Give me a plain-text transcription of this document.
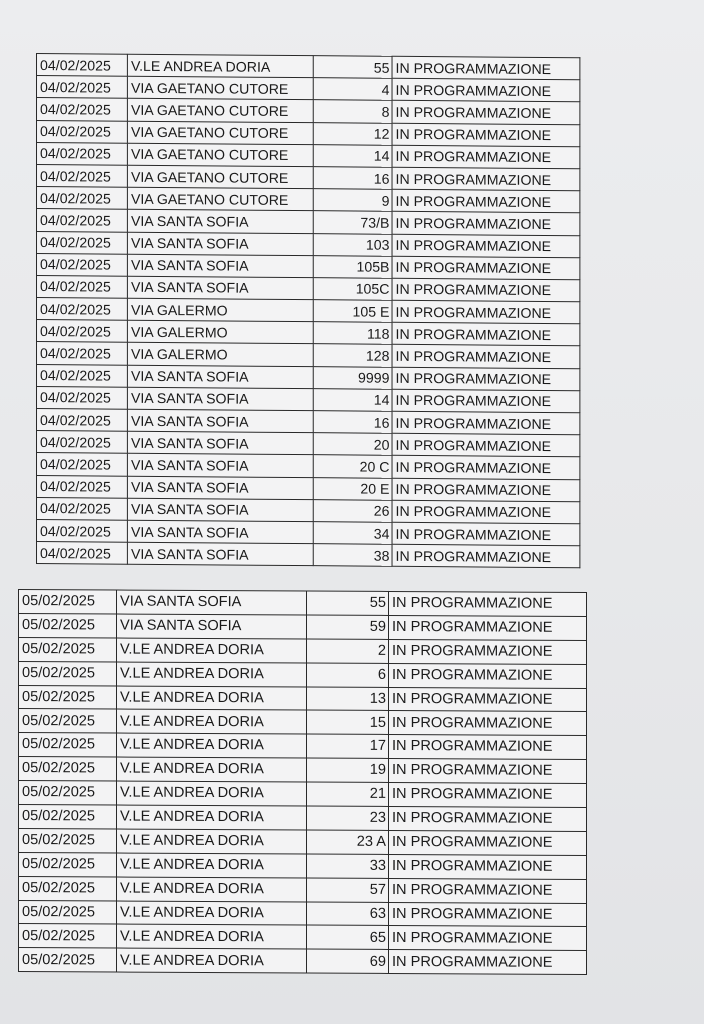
04/02/2025	V.LE ANDREA DORIA	55	IN PROGRAMMAZIONE
04/02/2025	VIA GAETANO CUTORE	4	IN PROGRAMMAZIONE
04/02/2025	VIA GAETANO CUTORE	8	IN PROGRAMMAZIONE
04/02/2025	VIA GAETANO CUTORE	12	IN PROGRAMMAZIONE
04/02/2025	VIA GAETANO CUTORE	14	IN PROGRAMMAZIONE
04/02/2025	VIA GAETANO CUTORE	16	IN PROGRAMMAZIONE
04/02/2025	VIA GAETANO CUTORE	9	IN PROGRAMMAZIONE
04/02/2025	VIA SANTA SOFIA	73/B	IN PROGRAMMAZIONE
04/02/2025	VIA SANTA SOFIA	103	IN PROGRAMMAZIONE
04/02/2025	VIA SANTA SOFIA	105B	IN PROGRAMMAZIONE
04/02/2025	VIA SANTA SOFIA	105C	IN PROGRAMMAZIONE
04/02/2025	VIA GALERMO	105 E	IN PROGRAMMAZIONE
04/02/2025	VIA GALERMO	118	IN PROGRAMMAZIONE
04/02/2025	VIA GALERMO	128	IN PROGRAMMAZIONE
04/02/2025	VIA SANTA SOFIA	9999	IN PROGRAMMAZIONE
04/02/2025	VIA SANTA SOFIA	14	IN PROGRAMMAZIONE
04/02/2025	VIA SANTA SOFIA	16	IN PROGRAMMAZIONE
04/02/2025	VIA SANTA SOFIA	20	IN PROGRAMMAZIONE
04/02/2025	VIA SANTA SOFIA	20 C	IN PROGRAMMAZIONE
04/02/2025	VIA SANTA SOFIA	20 E	IN PROGRAMMAZIONE
04/02/2025	VIA SANTA SOFIA	26	IN PROGRAMMAZIONE
04/02/2025	VIA SANTA SOFIA	34	IN PROGRAMMAZIONE
04/02/2025	VIA SANTA SOFIA	38	IN PROGRAMMAZIONE
05/02/2025	VIA SANTA SOFIA	55	IN PROGRAMMAZIONE
05/02/2025	VIA SANTA SOFIA	59	IN PROGRAMMAZIONE
05/02/2025	V.LE ANDREA DORIA	2	IN PROGRAMMAZIONE
05/02/2025	V.LE ANDREA DORIA	6	IN PROGRAMMAZIONE
05/02/2025	V.LE ANDREA DORIA	13	IN PROGRAMMAZIONE
05/02/2025	V.LE ANDREA DORIA	15	IN PROGRAMMAZIONE
05/02/2025	V.LE ANDREA DORIA	17	IN PROGRAMMAZIONE
05/02/2025	V.LE ANDREA DORIA	19	IN PROGRAMMAZIONE
05/02/2025	V.LE ANDREA DORIA	21	IN PROGRAMMAZIONE
05/02/2025	V.LE ANDREA DORIA	23	IN PROGRAMMAZIONE
05/02/2025	V.LE ANDREA DORIA	23 A	IN PROGRAMMAZIONE
05/02/2025	V.LE ANDREA DORIA	33	IN PROGRAMMAZIONE
05/02/2025	V.LE ANDREA DORIA	57	IN PROGRAMMAZIONE
05/02/2025	V.LE ANDREA DORIA	63	IN PROGRAMMAZIONE
05/02/2025	V.LE ANDREA DORIA	65	IN PROGRAMMAZIONE
05/02/2025	V.LE ANDREA DORIA	69	IN PROGRAMMAZIONE
